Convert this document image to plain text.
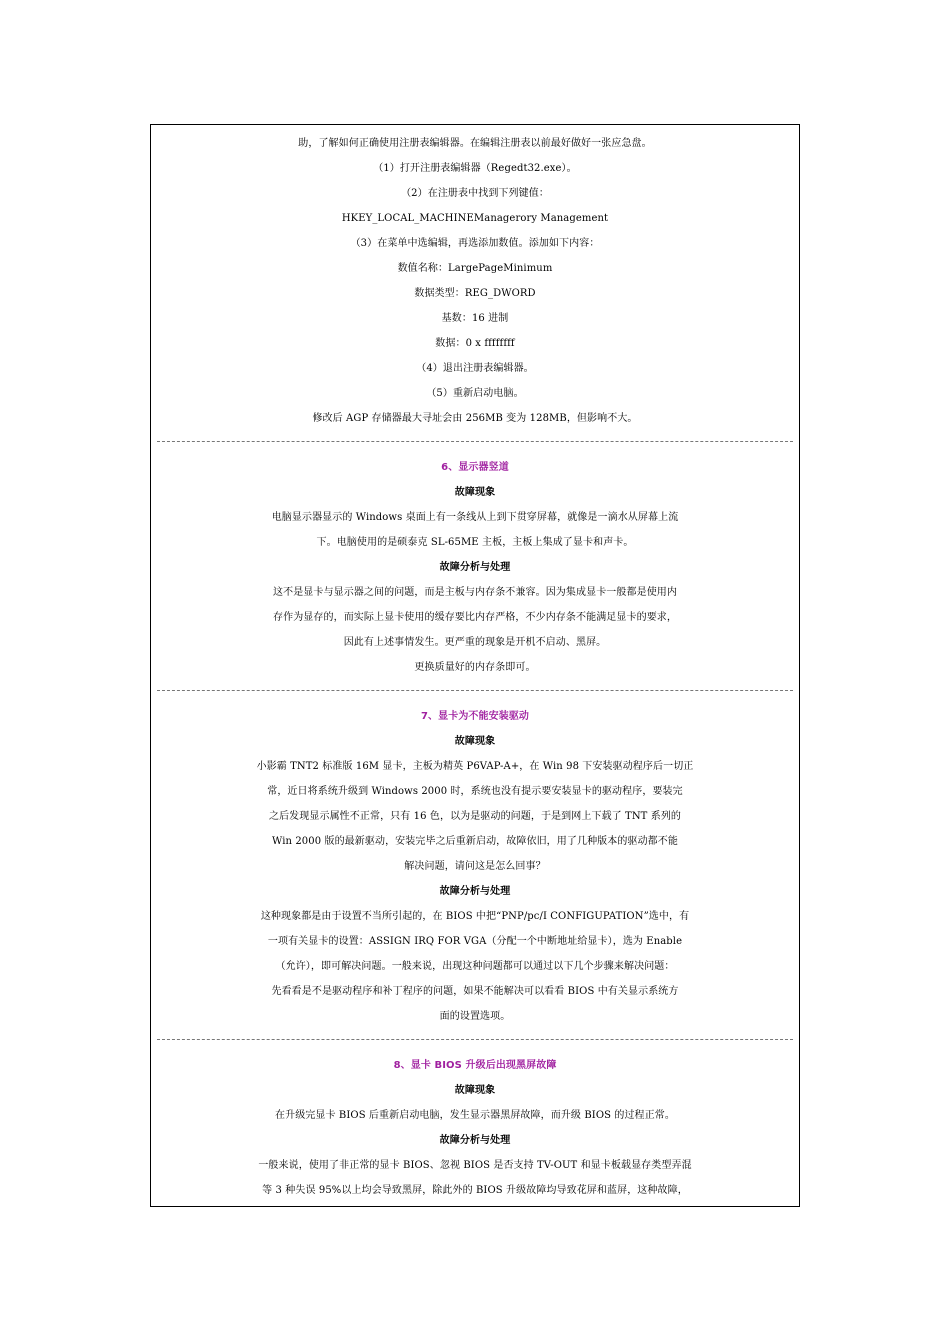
助，了解如何正确使用注册表编辑器。在编辑注册表以前最好做好一张应急盘。
（1）打开注册表编辑器（Regedt32.exe）。
（2）在注册表中找到下列键值：
HKEY_LOCAL_MACHINEManagerory Management
（3）在菜单中选编辑，再选添加数值。添加如下内容：
数值名称：LargePageMinimum
数据类型：REG_DWORD
基数：16 进制
数据：0 x ffffffff
（4）退出注册表编辑器。
（5）重新启动电脑。
修改后 AGP 存储器最大寻址会由 256MB 变为 128MB，但影响不大。
6、显示器竖道
故障现象
电脑显示器显示的 Windows 桌面上有一条线从上到下贯穿屏幕，就像是一滴水从屏幕上流
下。电脑使用的是硕泰克 SL-65ME 主板，主板上集成了显卡和声卡。
故障分析与处理
这不是显卡与显示器之间的问题，而是主板与内存条不兼容。因为集成显卡一般都是使用内
存作为显存的，而实际上显卡使用的缓存要比内存严格，不少内存条不能满足显卡的要求，
因此有上述事情发生。更严重的现象是开机不启动、黑屏。
更换质量好的内存条即可。
7、显卡为不能安装驱动
故障现象
小影霸 TNT2 标准版 16M 显卡，主板为精英 P6VAP-A+，在 Win 98 下安装驱动程序后一切正
常，近日将系统升级到 Windows 2000 时，系统也没有提示要安装显卡的驱动程序，要装完
之后发现显示属性不正常，只有 16 色，以为是驱动的问题，于是到网上下载了 TNT 系列的
Win 2000 版的最新驱动，安装完毕之后重新启动，故障依旧，用了几种版本的驱动都不能
解决问题，请问这是怎么回事？
故障分析与处理
这种现象都是由于设置不当所引起的，在 BIOS 中把“PNP/pc/I CONFIGUPATION”选中，有
一项有关显卡的设置：ASSIGN IRQ FOR VGA（分配一个中断地址给显卡），选为 Enable
（允许），即可解决问题。一般来说，出现这种问题都可以通过以下几个步骤来解决问题：
先看看是不是驱动程序和补丁程序的问题，如果不能解决可以看看 BIOS 中有关显示系统方
面的设置选项。
8、显卡 BIOS 升级后出现黑屏故障
故障现象
在升级完显卡 BIOS 后重新启动电脑，发生显示器黑屏故障，而升级 BIOS 的过程正常。
故障分析与处理
一般来说，使用了非正常的显卡 BIOS、忽视 BIOS 是否支持 TV-OUT 和显卡板载显存类型弄混
等 3 种失误 95%以上均会导致黑屏，除此外的 BIOS 升级故障均导致花屏和蓝屏，这种故障，
